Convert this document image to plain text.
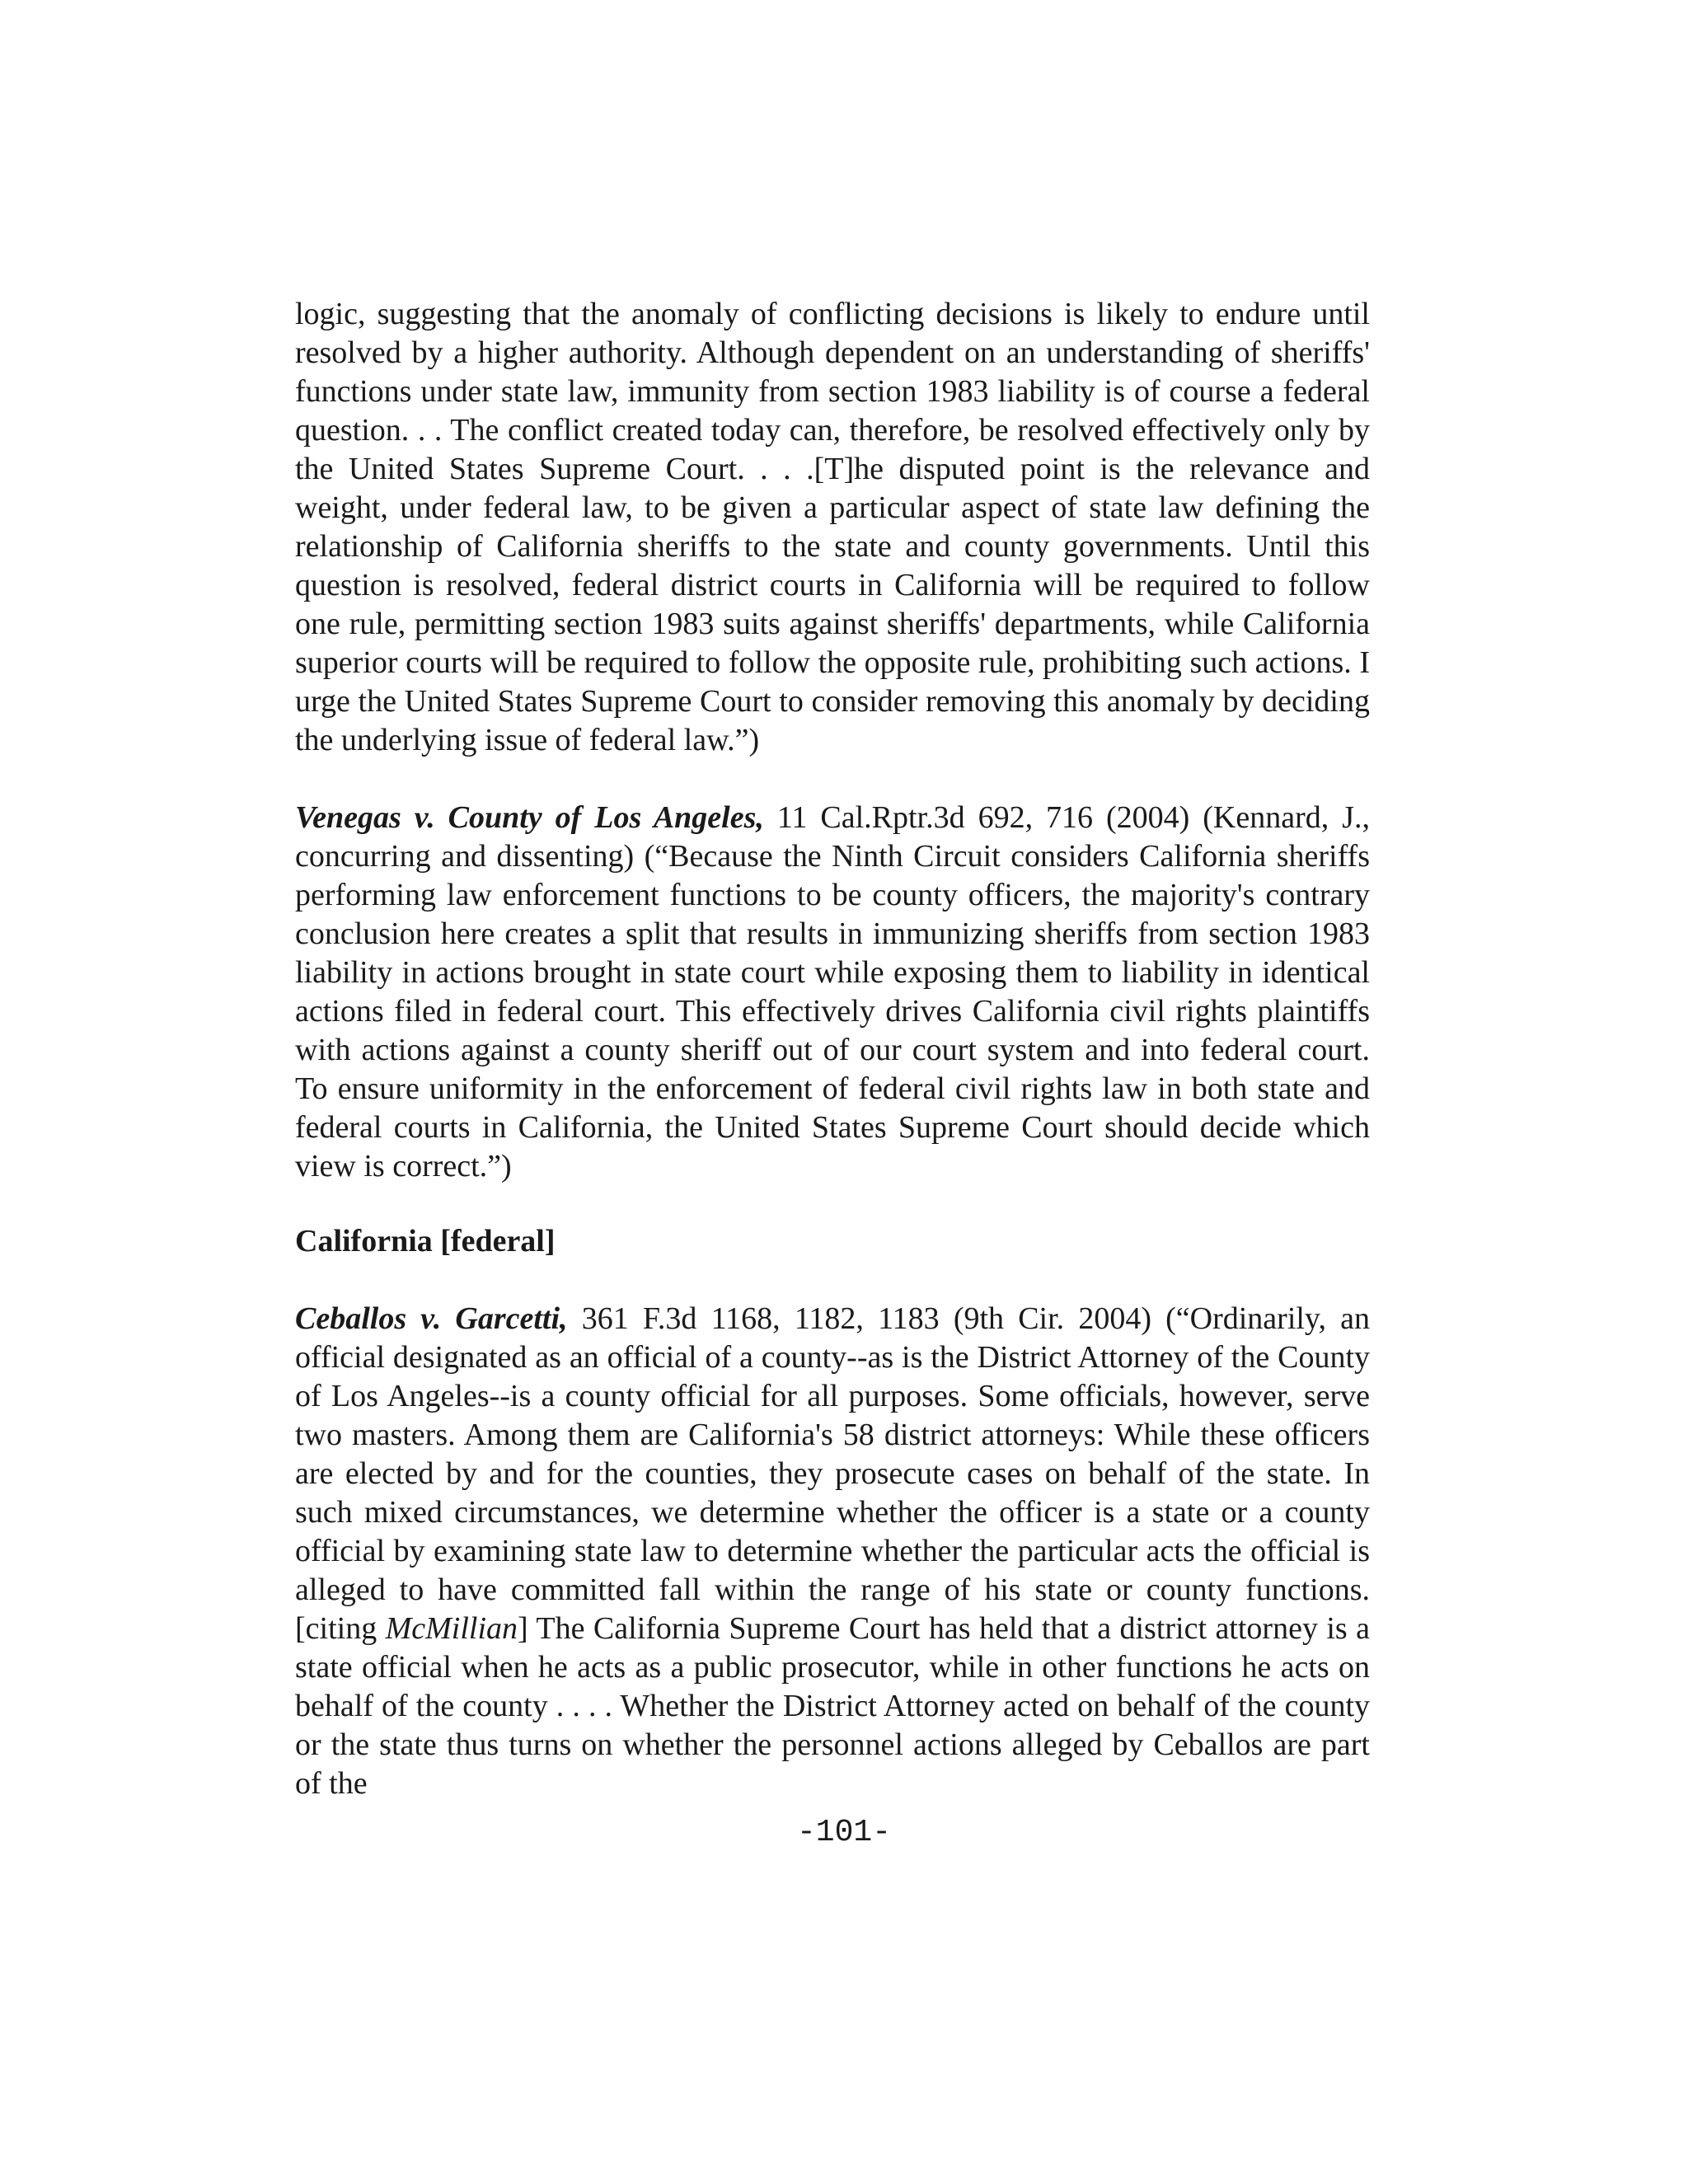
logic, suggesting that the anomaly of conflicting decisions is likely to endure until resolved by a higher authority. Although dependent on an understanding of sheriffs' functions under state law, immunity from section 1983 liability is of course a federal question. . . The conflict created today can, therefore, be resolved effectively only by the United States Supreme Court. . . .[T]he disputed point is the relevance and weight, under federal law, to be given a particular aspect of state law defining the relationship of California sheriffs to the state and county governments. Until this question is resolved, federal district courts in California will be required to follow one rule, permitting section 1983 suits against sheriffs' departments, while California superior courts will be required to follow the opposite rule, prohibiting such actions. I urge the United States Supreme Court to consider removing this anomaly by deciding the underlying issue of federal law.”)

Venegas v. County of Los Angeles, 11 Cal.Rptr.3d 692, 716 (2004) (Kennard, J., concurring and dissenting) (“Because the Ninth Circuit considers California sheriffs performing law enforcement functions to be county officers, the majority's contrary conclusion here creates a split that results in immunizing sheriffs from section 1983 liability in actions brought in state court while exposing them to liability in identical actions filed in federal court. This effectively drives California civil rights plaintiffs with actions against a county sheriff out of our court system and into federal court. To ensure uniformity in the enforcement of federal civil rights law in both state and federal courts in California, the United States Supreme Court should decide which view is correct.”)

California [federal]

Ceballos v. Garcetti, 361 F.3d 1168, 1182, 1183 (9th Cir. 2004) (“Ordinarily, an official designated as an official of a county--as is the District Attorney of the County of Los Angeles--is a county official for all purposes. Some officials, however, serve two masters. Among them are California's 58 district attorneys: While these officers are elected by and for the counties, they prosecute cases on behalf of the state. In such mixed circumstances, we determine whether the officer is a state or a county official by examining state law to determine whether the particular acts the official is alleged to have committed fall within the range of his state or county functions. [citing McMillian] The California Supreme Court has held that a district attorney is a state official when he acts as a public prosecutor, while in other functions he acts on behalf of the county . . . . Whether the District Attorney acted on behalf of the county or the state thus turns on whether the personnel actions alleged by Ceballos are part of the

-101-
